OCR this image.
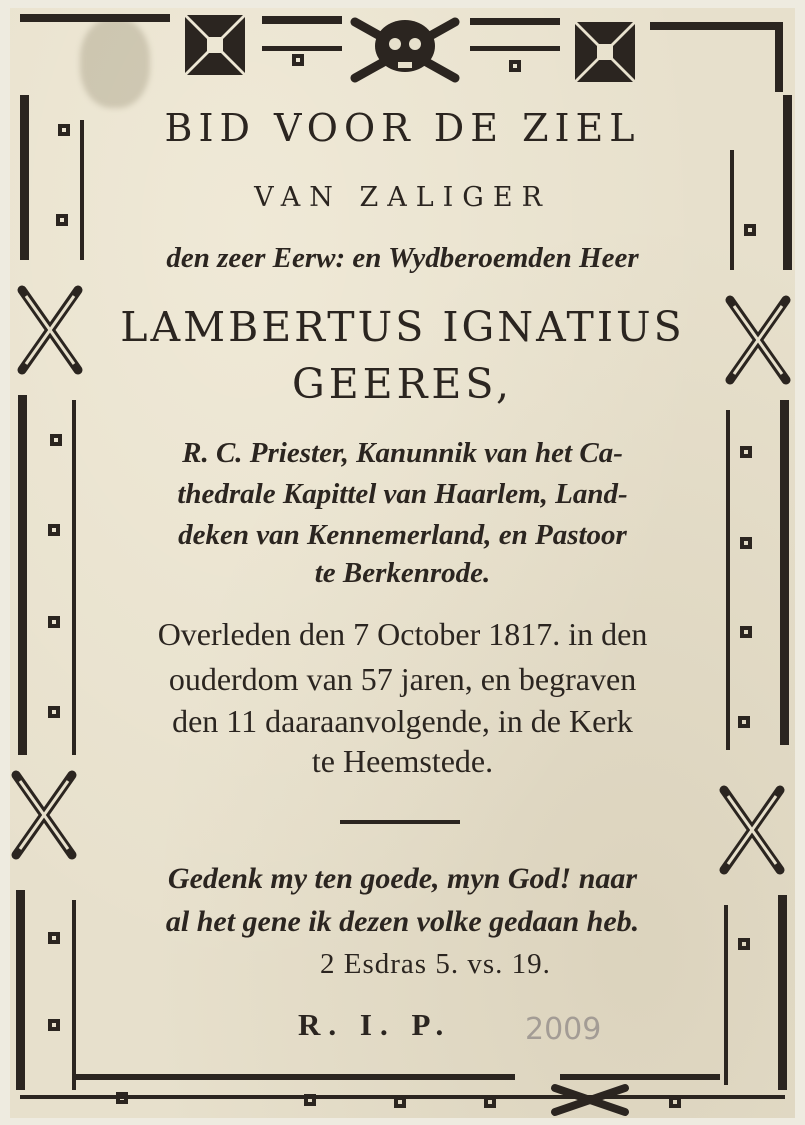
BID VOOR DE ZIEL
VAN ZALIGER
den zeer Eerw: en Wydberoemden Heer
LAMBERTUS IGNATIUS
GEERES,
R. C. Priester, Kanunnik van het Ca-
thedrale Kapittel van Haarlem, Land-
deken van Kennemerland, en Pastoor
te Berkenrode.
Overleden den 7 October 1817. in den
ouderdom van 57 jaren, en begraven
den 11 daaraanvolgende, in de Kerk
te Heemstede.
Gedenk my ten goede, myn God! naar
al het gene ik dezen volke gedaan heb.
2 Esdras 5. vs. 19.
R. I. P. 2009
